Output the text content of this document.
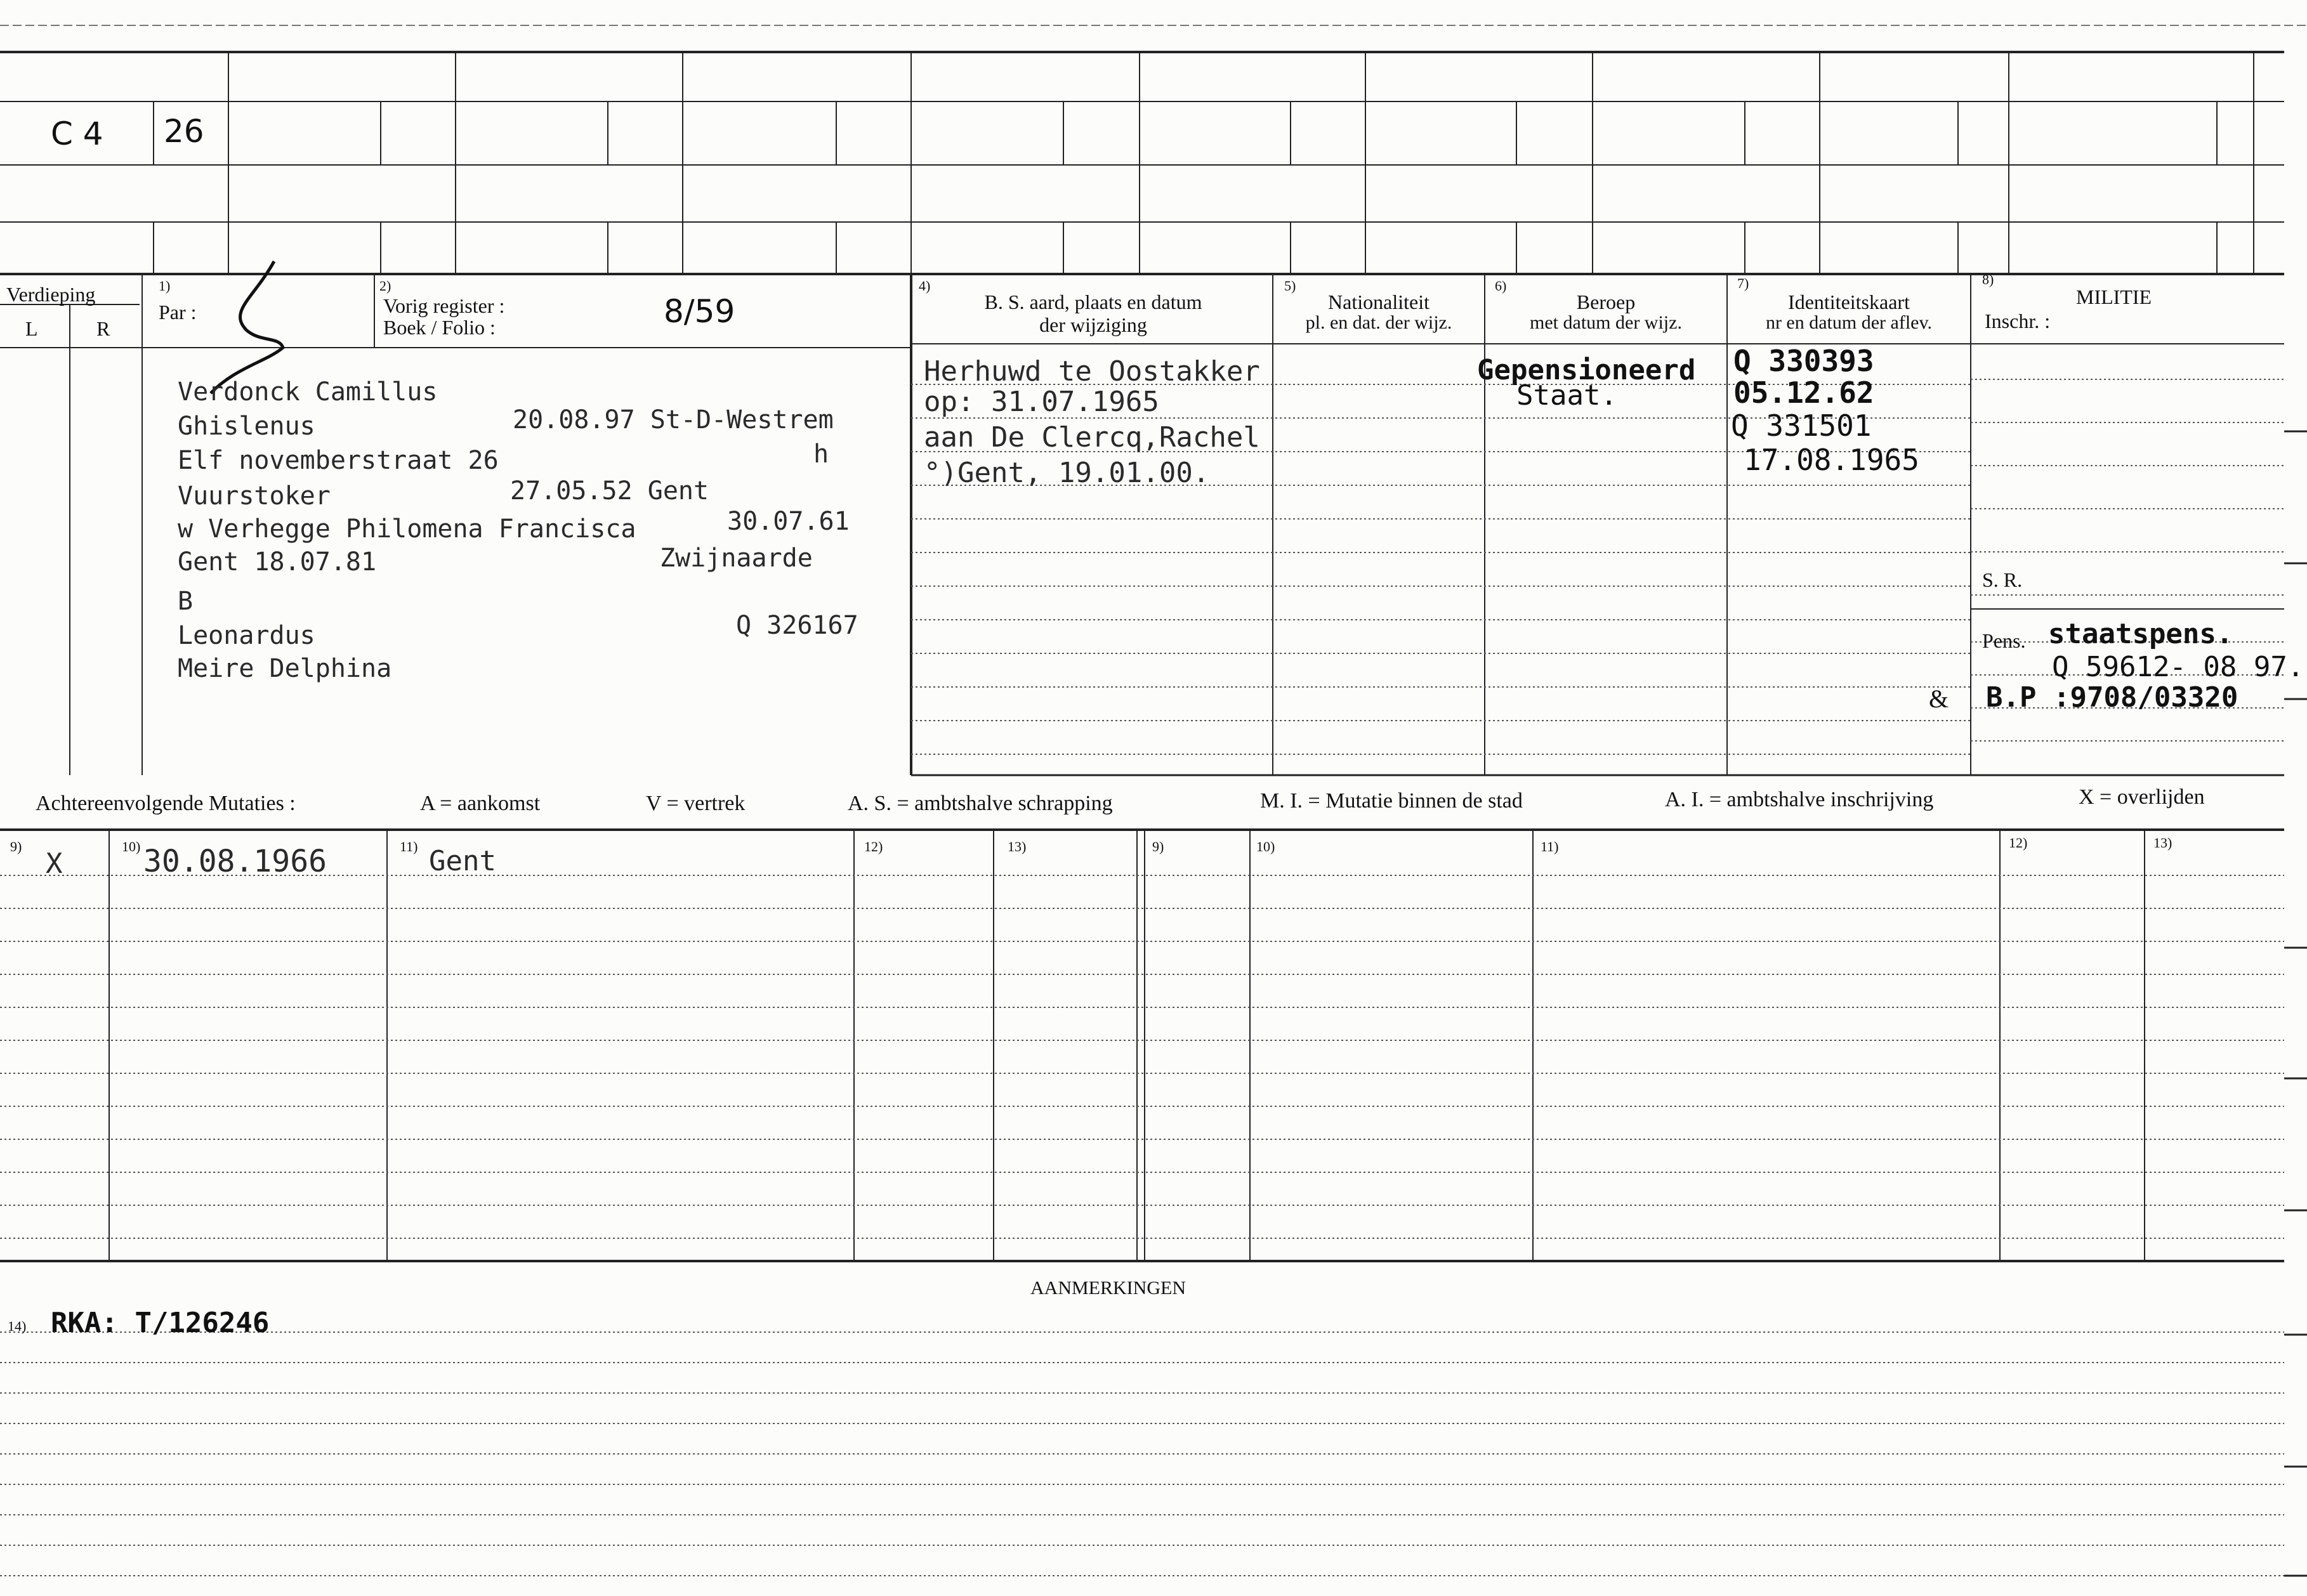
C 4 26
Verdieping
L	R
1)
Par :
2)
Vorig register :
Boek / Folio :	8/59
4)
B. S. aard, plaats en datum
der wijziging
5)
Nationaliteit
pl. en dat. der wijz.
6)
Beroep
met datum der wijz.
7)
Identiteitskaart
nr en datum der aflev.
8)
MILITIE
Inschr. :
Verdonck Camillus
Ghislenus	20.08.97 St-D-Westrem
Elf novemberstraat 26	h
Vuurstoker	27.05.52 Gent
w Verhegge Philomena Francisca	30.07.61
Gent 18.07.81	Zwijnaarde
B
Leonardus	Q 326167
Meire Delphina
Herhuwd te Oostakker
op: 31.07.1965
aan De Clercq,Rachel
°)Gent, 19.01.00.
Gepensioneerd
Staat.
Q 330393
05.12.62
Q 331501
17.08.1965
S. R.
Pens. staatspens.
Q 59612- 08 97.
& B.P :9708/03320
Achtereenvolgende Mutaties :	A = aankomst	V = vertrek	A. S. = ambtshalve schrapping	M. I. = Mutatie binnen de stad	A. I. = ambtshalve inschrijving	X = overlijden
9)	10)	11)	12)	13)	9)	10)	11)	12)	13)
X	30.08.1966	Gent
AANMERKINGEN
14) RKA: T/126246
